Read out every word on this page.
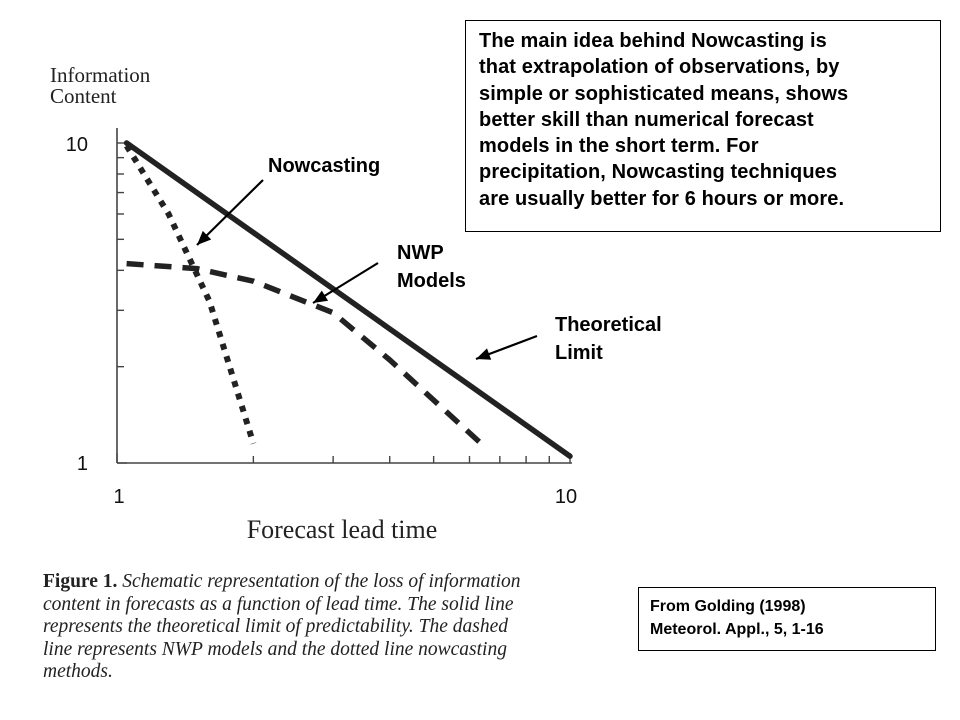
1	10
10
1
Forecast lead time
Information
Content
Nowcasting
NWP
Models
Theoretical
Limit
The main idea behind Nowcasting is
that extrapolation of observations, by
simple or sophisticated means, shows
better skill than numerical forecast
models in the short term. For
precipitation, Nowcasting techniques
are usually better for 6 hours or more.
From Golding (1998)
Meteorol. Appl., 5, 1-16
Figure 1. Schematic representation of the loss of information
content in forecasts as a function of lead time. The solid line
represents the theoretical limit of predictability. The dashed
line represents NWP models and the dotted line nowcasting
methods.
